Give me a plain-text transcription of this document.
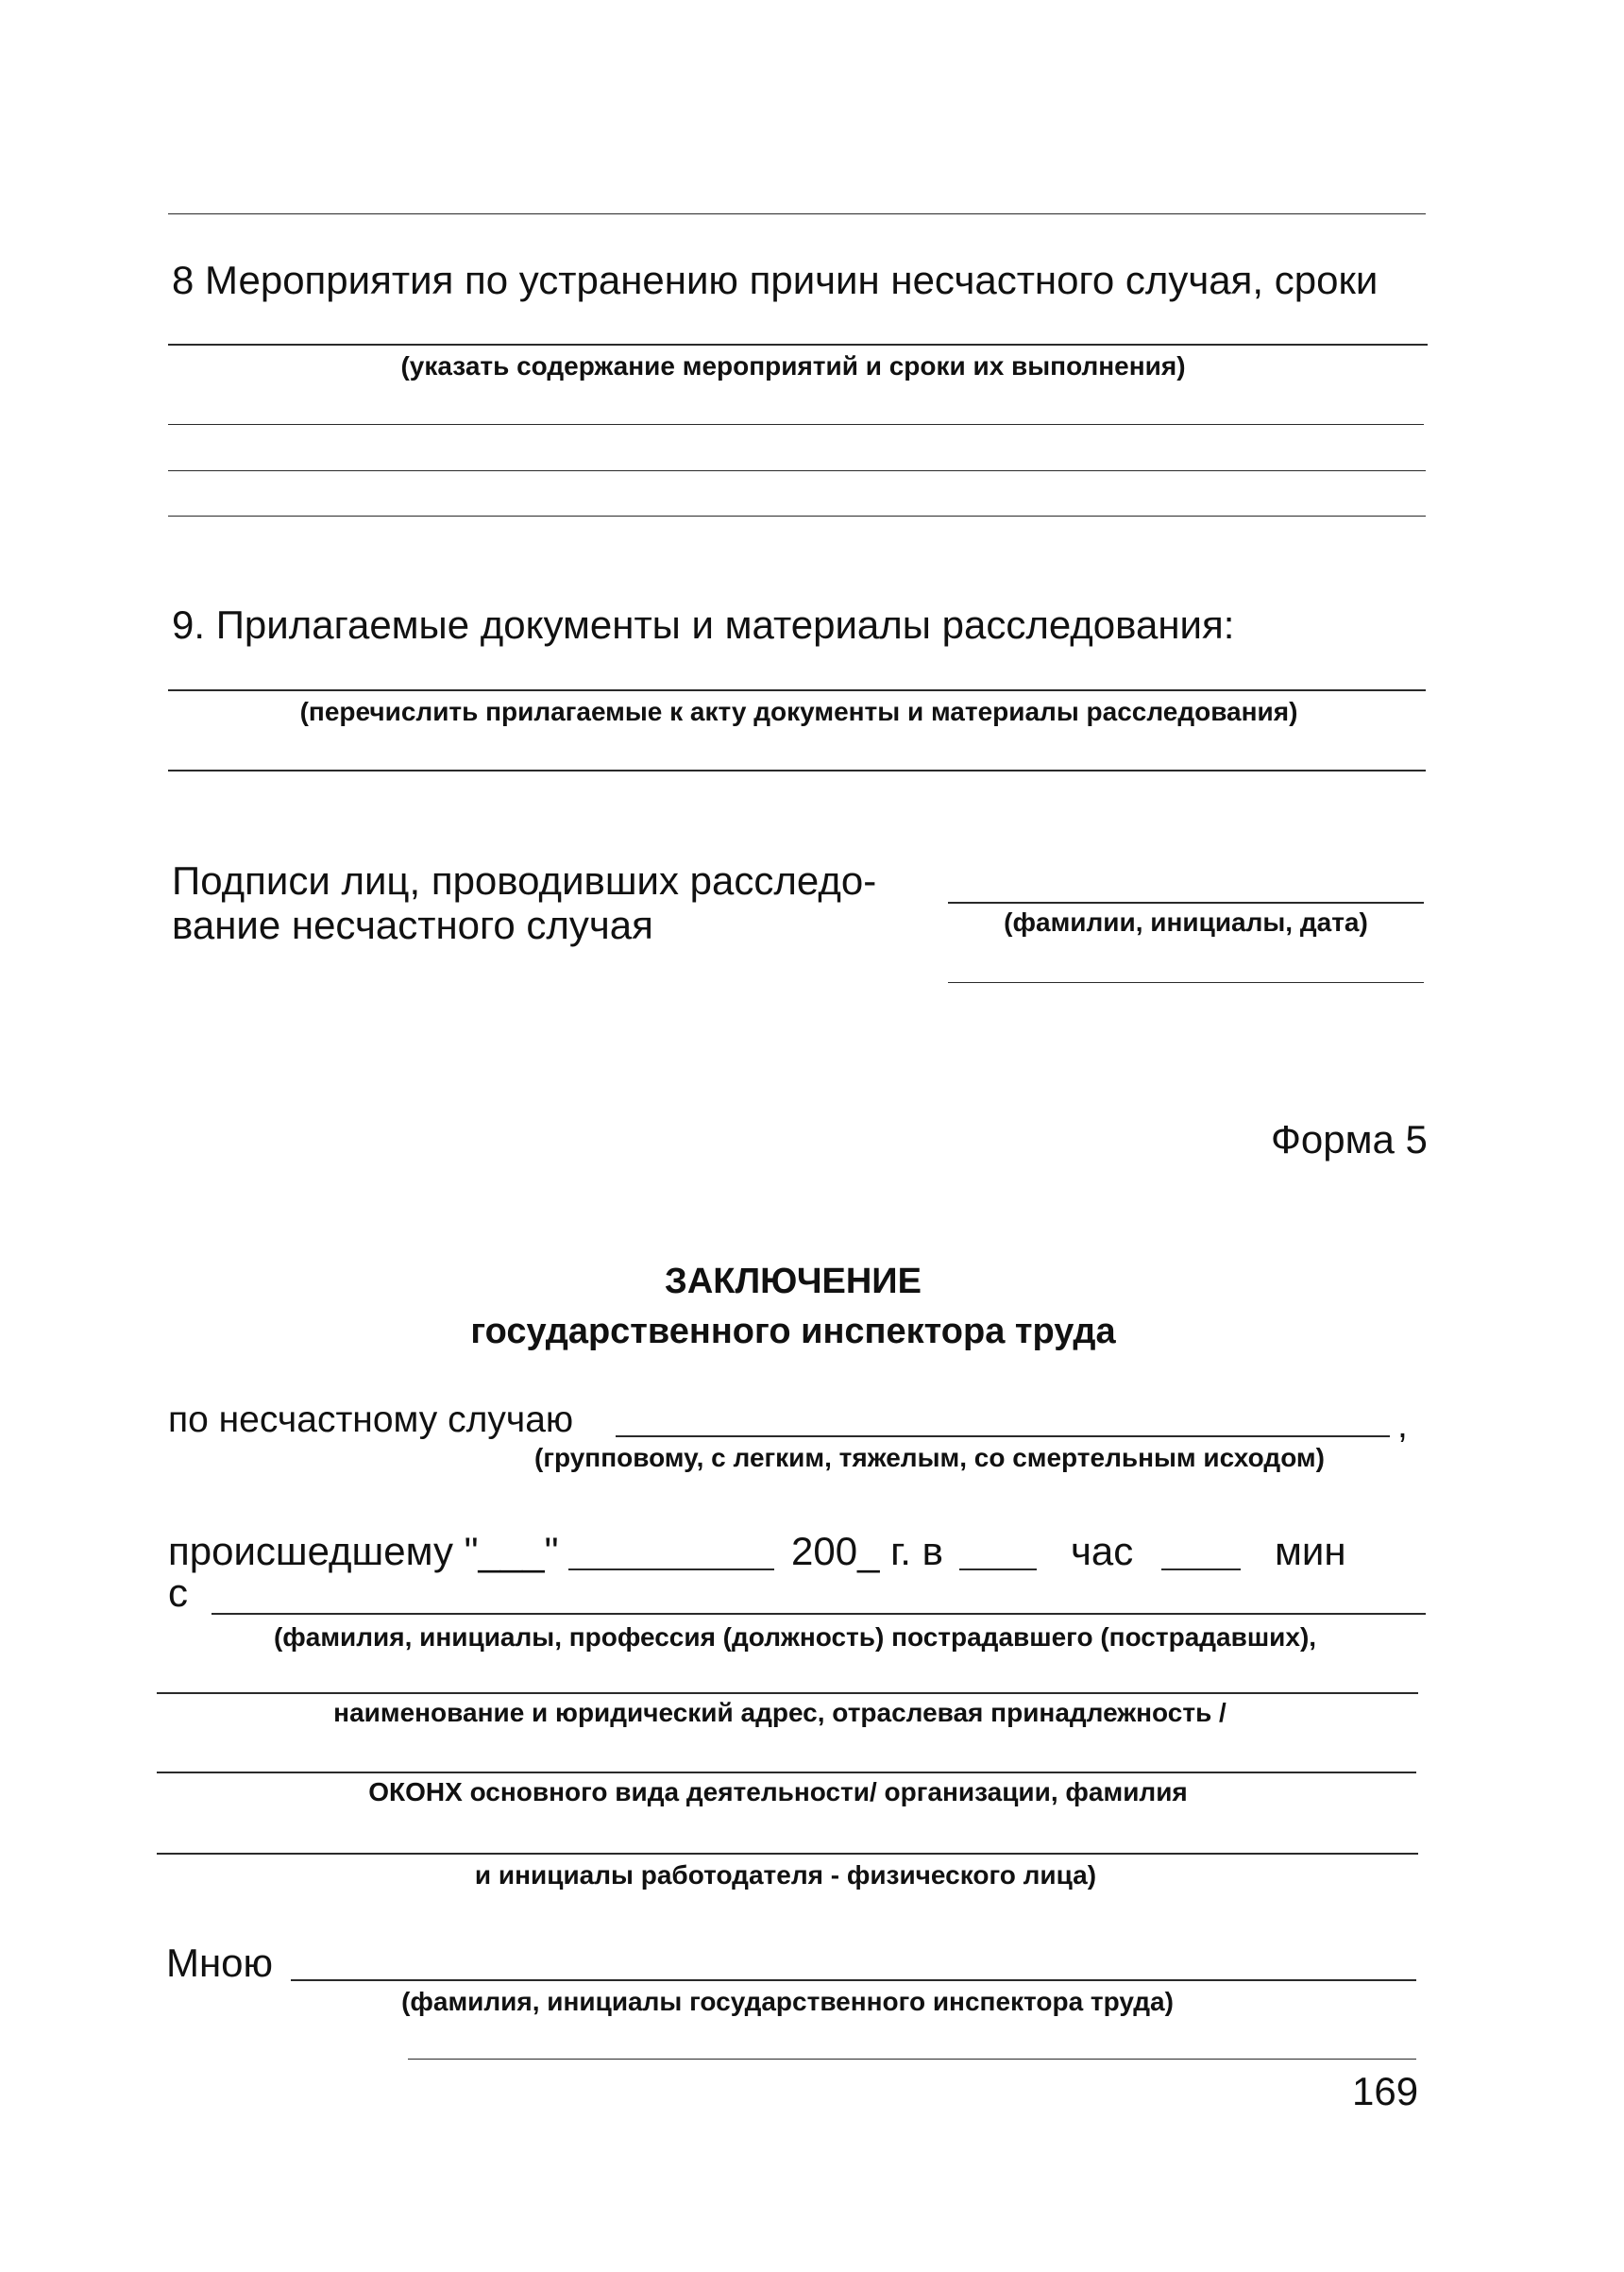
8 Мероприятия по устранению причин несчастного случая, сроки
(указать содержание мероприятий и сроки их выполнения)
9. Прилагаемые документы и материалы расследования:
(перечислить прилагаемые к акту документы и материалы расследования)
Подписи лиц, проводивших расследо-
вание несчастного случая	(фамилии, инициалы, дата)
Форма 5
ЗАКЛЮЧЕНИЕ
государственного инспектора труда
по несчастному случаю	,
(групповому, с легким, тяжелым, со смертельным исходом)
происшедшему "___"	200_ г. в	час	мин
с
(фамилия, инициалы, профессия (должность) пострадавшего (пострадавших),
наименование и юридический адрес, отраслевая принадлежность /
ОКОНХ основного вида деятельности/ организации, фамилия
и инициалы работодателя - физического лица)
Мною
(фамилия, инициалы государственного инспектора труда)
169
